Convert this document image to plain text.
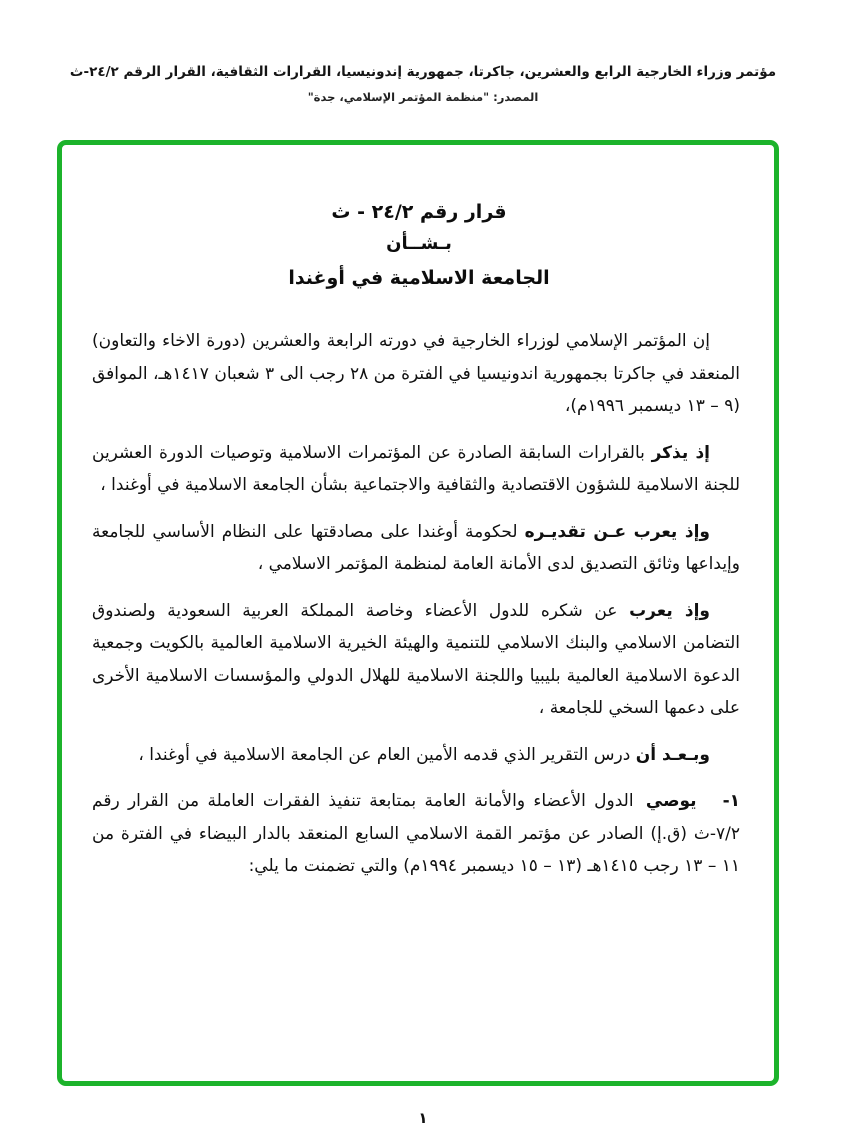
مؤتمر وزراء الخارجية الرابع والعشرين، جاكرتا، جمهورية إندونيسيا، القرارات الثقافية، القرار الرقم ٢٤/٢-ث
المصدر: "منظمة المؤتمر الإسلامي، جدة"
قرار رقم ٢٤/٢ - ث
بـشــأن
الجامعة الاسلامية في أوغندا

إن المؤتمر الإسلامي لوزراء الخارجية في دورته الرابعة والعشرين (دورة الاخاء والتعاون) المنعقد في جاكرتا بجمهورية اندونيسيا في الفترة من ٢٨ رجب الى ٣ شعبان ١٤١٧هـ، الموافق (٩ – ١٣ ديسمبر ١٩٩٦م)،

إذ يذكر بالقرارات السابقة الصادرة عن المؤتمرات الاسلامية وتوصيات الدورة العشرين للجنة الاسلامية للشؤون الاقتصادية والثقافية والاجتماعية بشأن الجامعة الاسلامية في أوغندا ،

وإذ يعرب عـن تقديـره لحكومة أوغندا على مصادقتها على النظام الأساسي للجامعة وإيداعها وثائق التصديق لدى الأمانة العامة لمنظمة المؤتمر الاسلامي ،

وإذ يعرب عن شكره للدول الأعضاء وخاصة المملكة العربية السعودية ولصندوق التضامن الاسلامي والبنك الاسلامي للتنمية والهيئة الخيرية الاسلامية العالمية بالكويت وجمعية الدعوة الاسلامية العالمية بليبيا واللجنة الاسلامية للهلال الدولي والمؤسسات الاسلامية الأخرى على دعمها السخي للجامعة ،

وبـعـد أن درس التقرير الذي قدمه الأمين العام عن الجامعة الاسلامية في أوغندا ،

١-يوصي الدول الأعضاء والأمانة العامة بمتابعة تنفيذ الفقرات العاملة من القرار رقم ٧/٢-ث (ق.إ) الصادر عن مؤتمر القمة الاسلامي السابع المنعقد بالدار البيضاء في الفترة من ١١ – ١٣ رجب ١٤١٥هـ (١٣ – ١٥ ديسمبر ١٩٩٤م) والتي تضمنت ما يلي:
١
